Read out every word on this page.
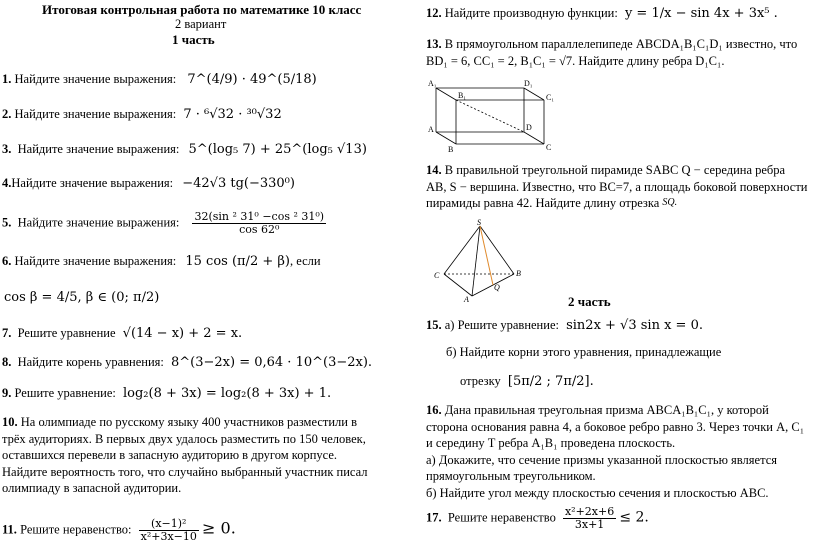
Итоговая контрольная работа по математике 10 класс
2 вариант
1 часть
1. Найдите значение выражения: 7^(4/9) · 49^(5/18)
2. Найдите значение выражения: 7 · ⁶√32 · ³⁰√32
3. Найдите значение выражения: 5^(log₅ 7) + 25^(log₅ √13)
4.Найдите значение выражения: −42√3 tg(−330⁰)
5. Найдите значение выражения: $\frac{\text{32(sin ² 31⁰ −cos ² 31⁰)}}{\text{cos 62⁰}}$
6. Найдите значение выражения: 15 cos (π/2 + β), если
cos β = 4/5, β ∈ (0; π/2)
7. Решите уравнение √(14 − x) + 2 = x.
8. Найдите корень уравнения: 8^(3−2x) = 0,64 · 10^(3−2x).
9. Решите уравнение: log₂(8 + 3x) = log₂(8 + 3x) + 1.
10. На олимпиаде по русскому языку 400 участников разместили в
трёх аудиториях. В первых двух удалось разместить по 150 человек,
оставшихся перевели в запасную аудиторию в другом корпусе.
Найдите вероятность того, что случайно выбранный участник писал
олимпиаду в запасной аудитории.
11. Решите неравенство: $\frac{\text{(x−1)²}}{\text{x²+3x−10}} \ge 0$.
12. Найдите производную функции: y = 1/x − sin 4x + 3x⁵ .
13. В прямоугольном параллелепипеде ABCDA₁B₁C₁D₁ известно, что
BD₁ = 6, CC₁ = 2, B₁C₁ = √7. Найдите длину ребра D₁C₁.
A₁	D₁
B₁	C₁
A	D
B	C
14. В правильной треугольной пирамиде SABC Q − середина ребра
AB, S − вершина. Известно, что BC=7, а площадь боковой поверхности
пирамиды равна 42. Найдите длину отрезка SQ.
S
C	B
Q
A	2 часть
15. а) Решите уравнение: sin2x + √3 sin x = 0.
б) Найдите корни этого уравнения, принадлежащие
отрезку [5π/2 ; 7π/2].
16. Дана правильная треугольная призма ABCA₁B₁C₁, у которой
сторона основания равна 4, а боковое ребро равно 3. Через точки A, C₁
и середину T ребра A₁B₁ проведена плоскость.
а) Докажите, что сечение призмы указанной плоскостью является
прямоугольным треугольником.
б) Найдите угол между плоскостью сечения и плоскостью ABC.
17. Решите неравенство $\frac{\text{x²+2x+6}}{3x+1} \le 2$.
